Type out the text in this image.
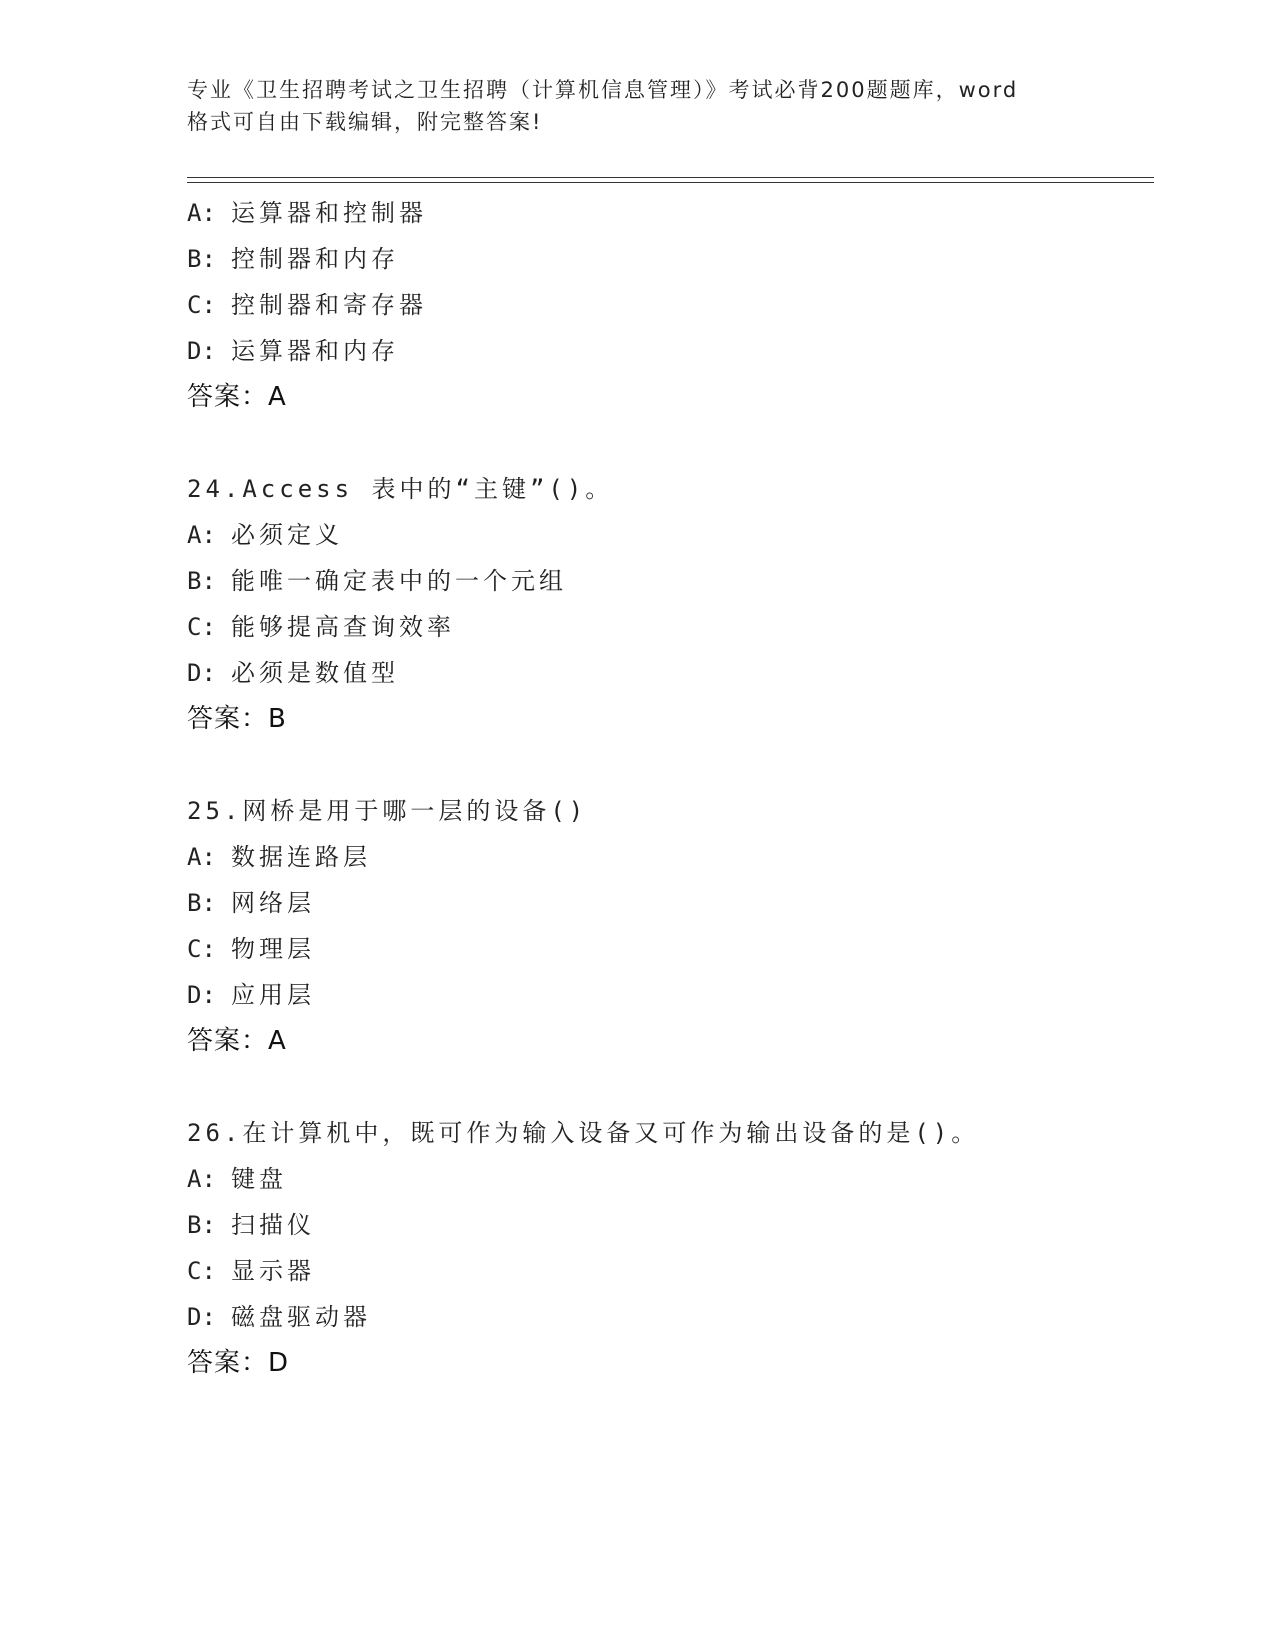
专业《卫生招聘考试之卫生招聘（计算机信息管理）》考试必背200题题库，word
格式可自由下载编辑，附完整答案!
A: 运算器和控制器
B: 控制器和内存
C: 控制器和寄存器
D: 运算器和内存
答案：A
24.Access 表中的“主键”()。
A: 必须定义
B: 能唯一确定表中的一个元组
C: 能够提高查询效率
D: 必须是数值型
答案：B
25.网桥是用于哪一层的设备()
A: 数据连路层
B: 网络层
C: 物理层
D: 应用层
答案：A
26.在计算机中，既可作为输入设备又可作为输出设备的是()。
A: 键盘
B: 扫描仪
C: 显示器
D: 磁盘驱动器
答案：D
